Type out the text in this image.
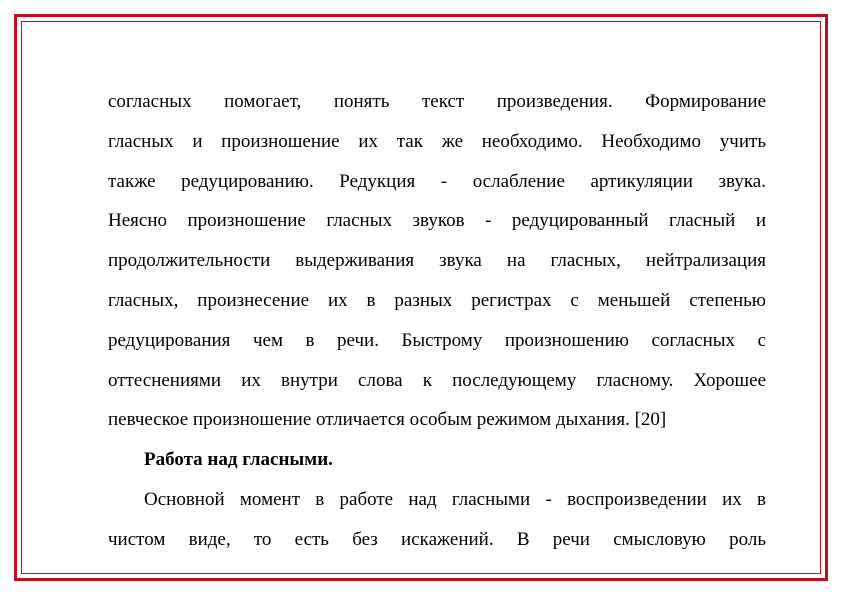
согласных помогает, понять текст произведения. Формирование
гласных и произношение их так же необходимо. Необходимо учить
также редуцированию. Редукция - ослабление артикуляции звука.
Неясно произношение гласных звуков - редуцированный гласный и
продолжительности выдерживания звука на гласных, нейтрализация
гласных, произнесение их в разных регистрах с меньшей степенью
редуцирования чем в речи. Быстрому произношению согласных с
оттеснениями их внутри слова к последующему гласному. Хорошее
певческое произношение отличается особым режимом дыхания. [20]
Работа над гласными.
Основной момент в работе над гласными - воспроизведении их в
чистом виде, то есть без искажений. В речи смысловую роль
